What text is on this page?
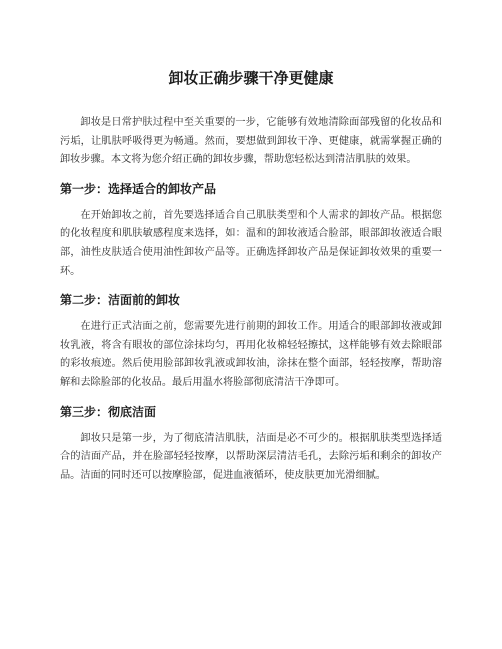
卸妆正确步骤干净更健康

卸妆是日常护肤过程中至关重要的一步，它能够有效地清除面部残留的化妆品和污垢，让肌肤呼吸得更为畅通。然而，要想做到卸妆干净、更健康，就需掌握正确的卸妆步骤。本文将为您介绍正确的卸妆步骤，帮助您轻松达到清洁肌肤的效果。

第一步：选择适合的卸妆产品

在开始卸妆之前，首先要选择适合自己肌肤类型和个人需求的卸妆产品。根据您的化妆程度和肌肤敏感程度来选择，如：温和的卸妆液适合脸部，眼部卸妆液适合眼部，油性皮肤适合使用油性卸妆产品等。正确选择卸妆产品是保证卸妆效果的重要一环。

第二步：洁面前的卸妆

在进行正式洁面之前，您需要先进行前期的卸妆工作。用适合的眼部卸妆液或卸妆乳液，将含有眼妆的部位涂抹均匀，再用化妆棉轻轻擦拭，这样能够有效去除眼部的彩妆痕迹。然后使用脸部卸妆乳液或卸妆油，涂抹在整个面部，轻轻按摩，帮助溶解和去除脸部的化妆品。最后用温水将脸部彻底清洁干净即可。

第三步：彻底洁面

卸妆只是第一步，为了彻底清洁肌肤，洁面是必不可少的。根据肌肤类型选择适合的洁面产品，并在脸部轻轻按摩，以帮助深层清洁毛孔，去除污垢和剩余的卸妆产品。洁面的同时还可以按摩脸部，促进血液循环，使皮肤更加光滑细腻。
